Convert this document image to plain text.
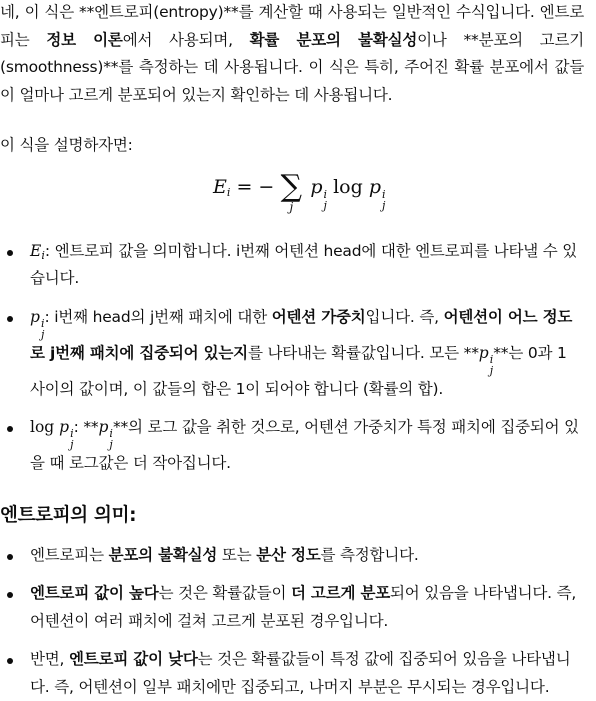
네, 이 식은 **엔트로피(entropy)**를 계산할 때 사용되는 일반적인 수식입니다. 엔트로피는 정보 이론에서 사용되며, 확률 분포의 불확실성이나 **분포의 고르기(smoothness)**를 측정하는 데 사용됩니다. 이 식은 특히, 주어진 확률 분포에서 값들이 얼마나 고르게 분포되어 있는지 확인하는 데 사용됩니다.

이 식을 설명하자면:

$E_i$ = − ∑
j
p i
j
log p i
j
$E_i$: 엔트로피 값을 의미합니다. i번째 어텐션 head에 대한 엔트로피를 나타낼 수 있습니다.
p i
j
: i번째 head의 j번째 패치에 대한 어텐션 가중치입니다. 즉, 어텐션이 어느 정도로 j번째 패치에 집중되어 있는지를 나타내는 확률값입니다. 모든 **p i
j
**는 0과 1 사이의 값이며, 이 값들의 합은 1이 되어야 합니다 (확률의 합).
log p i
j
: **p i
j
**의 로그 값을 취한 것으로, 어텐션 가중치가 특정 패치에 집중되어 있을 때 로그값은 더 작아집니다.
엔트로피의 의미:
엔트로피는 분포의 불확실성 또는 분산 정도를 측정합니다.
엔트로피 값이 높다는 것은 확률값들이 더 고르게 분포되어 있음을 나타냅니다. 즉, 어텐션이 여러 패치에 걸쳐 고르게 분포된 경우입니다.
반면, 엔트로피 값이 낮다는 것은 확률값들이 특정 값에 집중되어 있음을 나타냅니다. 즉, 어텐션이 일부 패치에만 집중되고, 나머지 부분은 무시되는 경우입니다.
